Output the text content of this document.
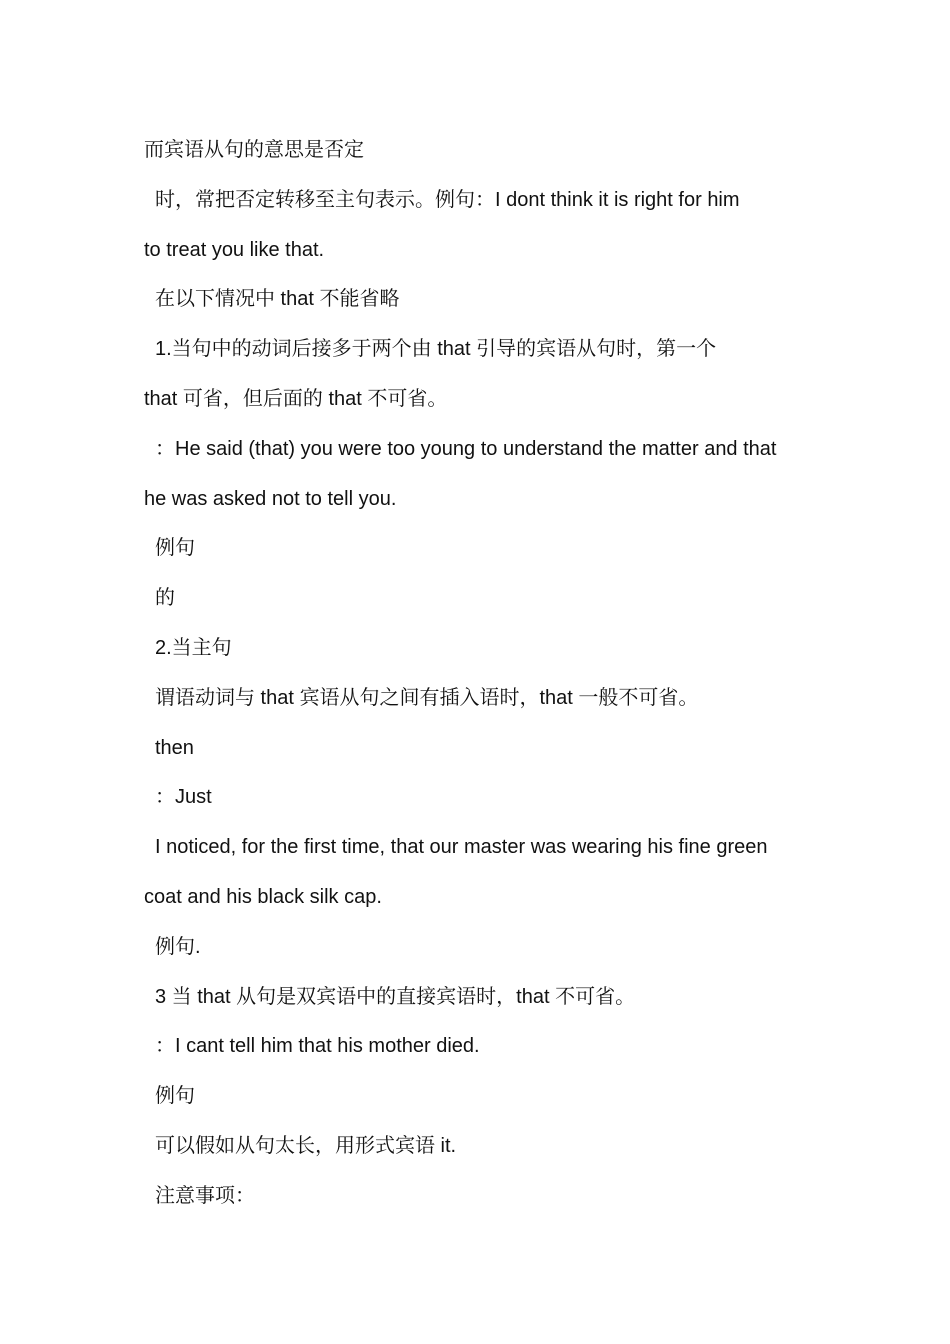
而宾语从句的意思是否定
时，常把否定转移至主句表示。例句：I dont think it is right for him
to treat you like that.
在以下情况中 that 不能省略
1.当句中的动词后接多于两个由 that 引导的宾语从句时，第一个
that 可省，但后面的 that 不可省。
：He said (that) you were too young to understand the matter and that
he was asked not to tell you.
例句
的
2.当主句
谓语动词与 that 宾语从句之间有插入语时，that 一般不可省。
then
：Just
I noticed, for the first time, that our master was wearing his fine green
coat and his black silk cap.
例句.
3 当 that 从句是双宾语中的直接宾语时，that 不可省。
：I cant tell him that his mother died.
例句
可以假如从句太长，用形式宾语 it.
注意事项：
